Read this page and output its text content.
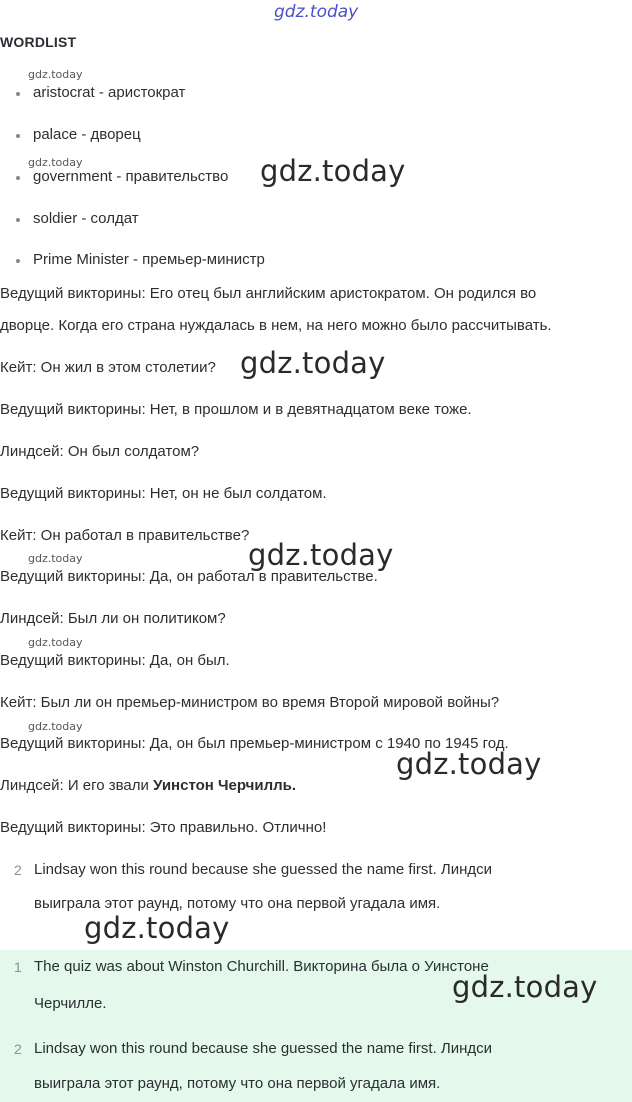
gdz.today
WORDLIST
aristocrat - аристократ
palace - дворец
government - правительство
soldier - солдат
Prime Minister - премьер-министр
Ведущий викторины: Его отец был английским аристократом. Он родился во
дворце. Когда его страна нуждалась в нем, на него можно было рассчитывать.
Кейт: Он жил в этом столетии?
Ведущий викторины: Нет, в прошлом и в девятнадцатом веке тоже.
Линдсей: Он был солдатом?
Ведущий викторины: Нет, он не был солдатом.
Кейт: Он работал в правительстве?
Ведущий викторины: Да, он работал в правительстве.
Линдсей: Был ли он политиком?
Ведущий викторины: Да, он был.
Кейт: Был ли он премьер-министром во время Второй мировой войны?
Ведущий викторины: Да, он был премьер-министром с 1940 по 1945 год.
Линдсей: И его звали Уинстон Черчилль.
Ведущий викторины: Это правильно. Отлично!
2 Lindsay won this round because she guessed the name first. Линдси
выиграла этот раунд, потому что она первой угадала имя.
1 The quiz was about Winston Churchill. Викторина была о Уинстоне
Черчилле.
2 Lindsay won this round because she guessed the name first. Линдси
выиграла этот раунд, потому что она первой угадала имя.
gdz.today
gdz.today
gdz.today
gdz.today
gdz.today
gdz.today
gdz.today
gdz.today
gdz.today
gdz.today
gdz.today
